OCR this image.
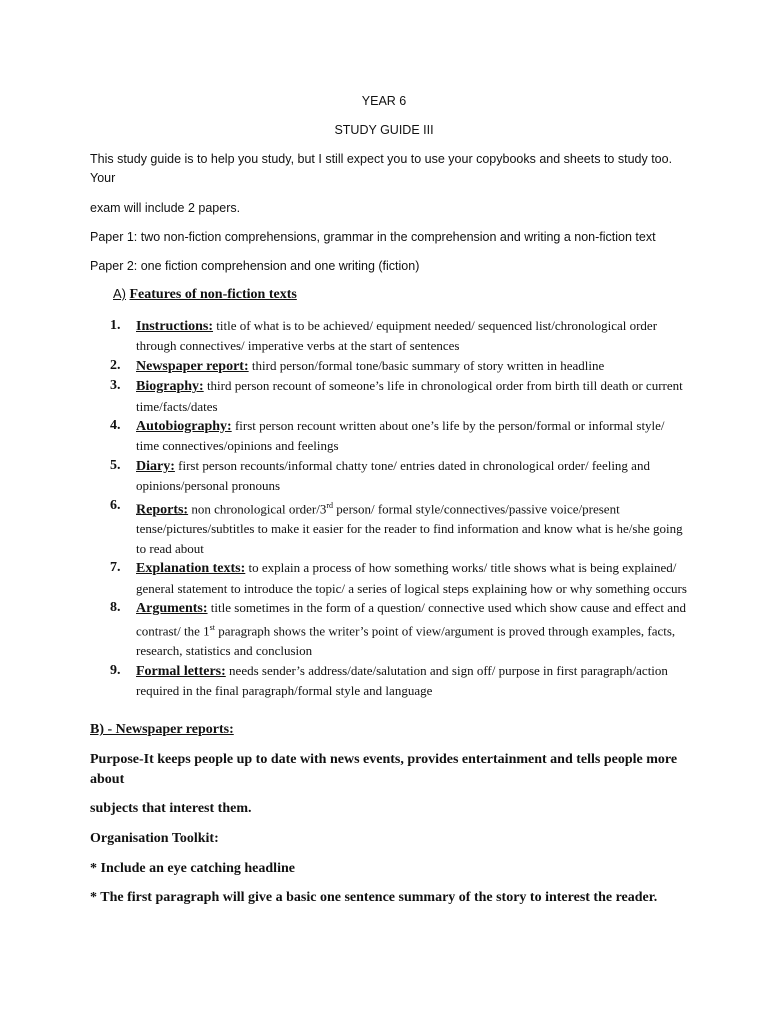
YEAR 6
STUDY GUIDE III
This study guide is to help you study, but I still expect you to use your copybooks and sheets to study too.
Your
exam will include 2 papers.
Paper 1: two non-fiction comprehensions, grammar in the comprehension and writing a non-fiction text
Paper 2: one fiction comprehension and one writing (fiction)
A) Features of non-fiction texts
1. Instructions: title of what is to be achieved/ equipment needed/ sequenced list/chronological order through connectives/ imperative verbs at the start of sentences
2. Newspaper report: third person/formal tone/basic summary of story written in headline
3. Biography: third person recount of someone’s life in chronological order from birth till death or current time/facts/dates
4. Autobiography: first person recount written about one’s life by the person/formal or informal style/ time connectives/opinions and feelings
5. Diary: first person recounts/informal chatty tone/ entries dated in chronological order/ feeling and opinions/personal pronouns
6. Reports: non chronological order/3rd person/ formal style/connectives/passive voice/present tense/pictures/subtitles to make it easier for the reader to find information and know what is he/she going to read about
7. Explanation texts: to explain a process of how something works/ title shows what is being explained/ general statement to introduce the topic/ a series of logical steps explaining how or why something occurs
8. Arguments: title sometimes in the form of a question/ connective used which show cause and effect and contrast/ the 1st paragraph shows the writer’s point of view/argument is proved through examples, facts, research, statistics and conclusion
9. Formal letters: needs sender’s address/date/salutation and sign off/ purpose in first paragraph/action required in the final paragraph/formal style and language
B) - Newspaper reports:
Purpose-It keeps people up to date with news events, provides entertainment and tells people more about
subjects that interest them.
Organisation Toolkit:
* Include an eye catching headline
* The first paragraph will give a basic one sentence summary of the story to interest the reader.
